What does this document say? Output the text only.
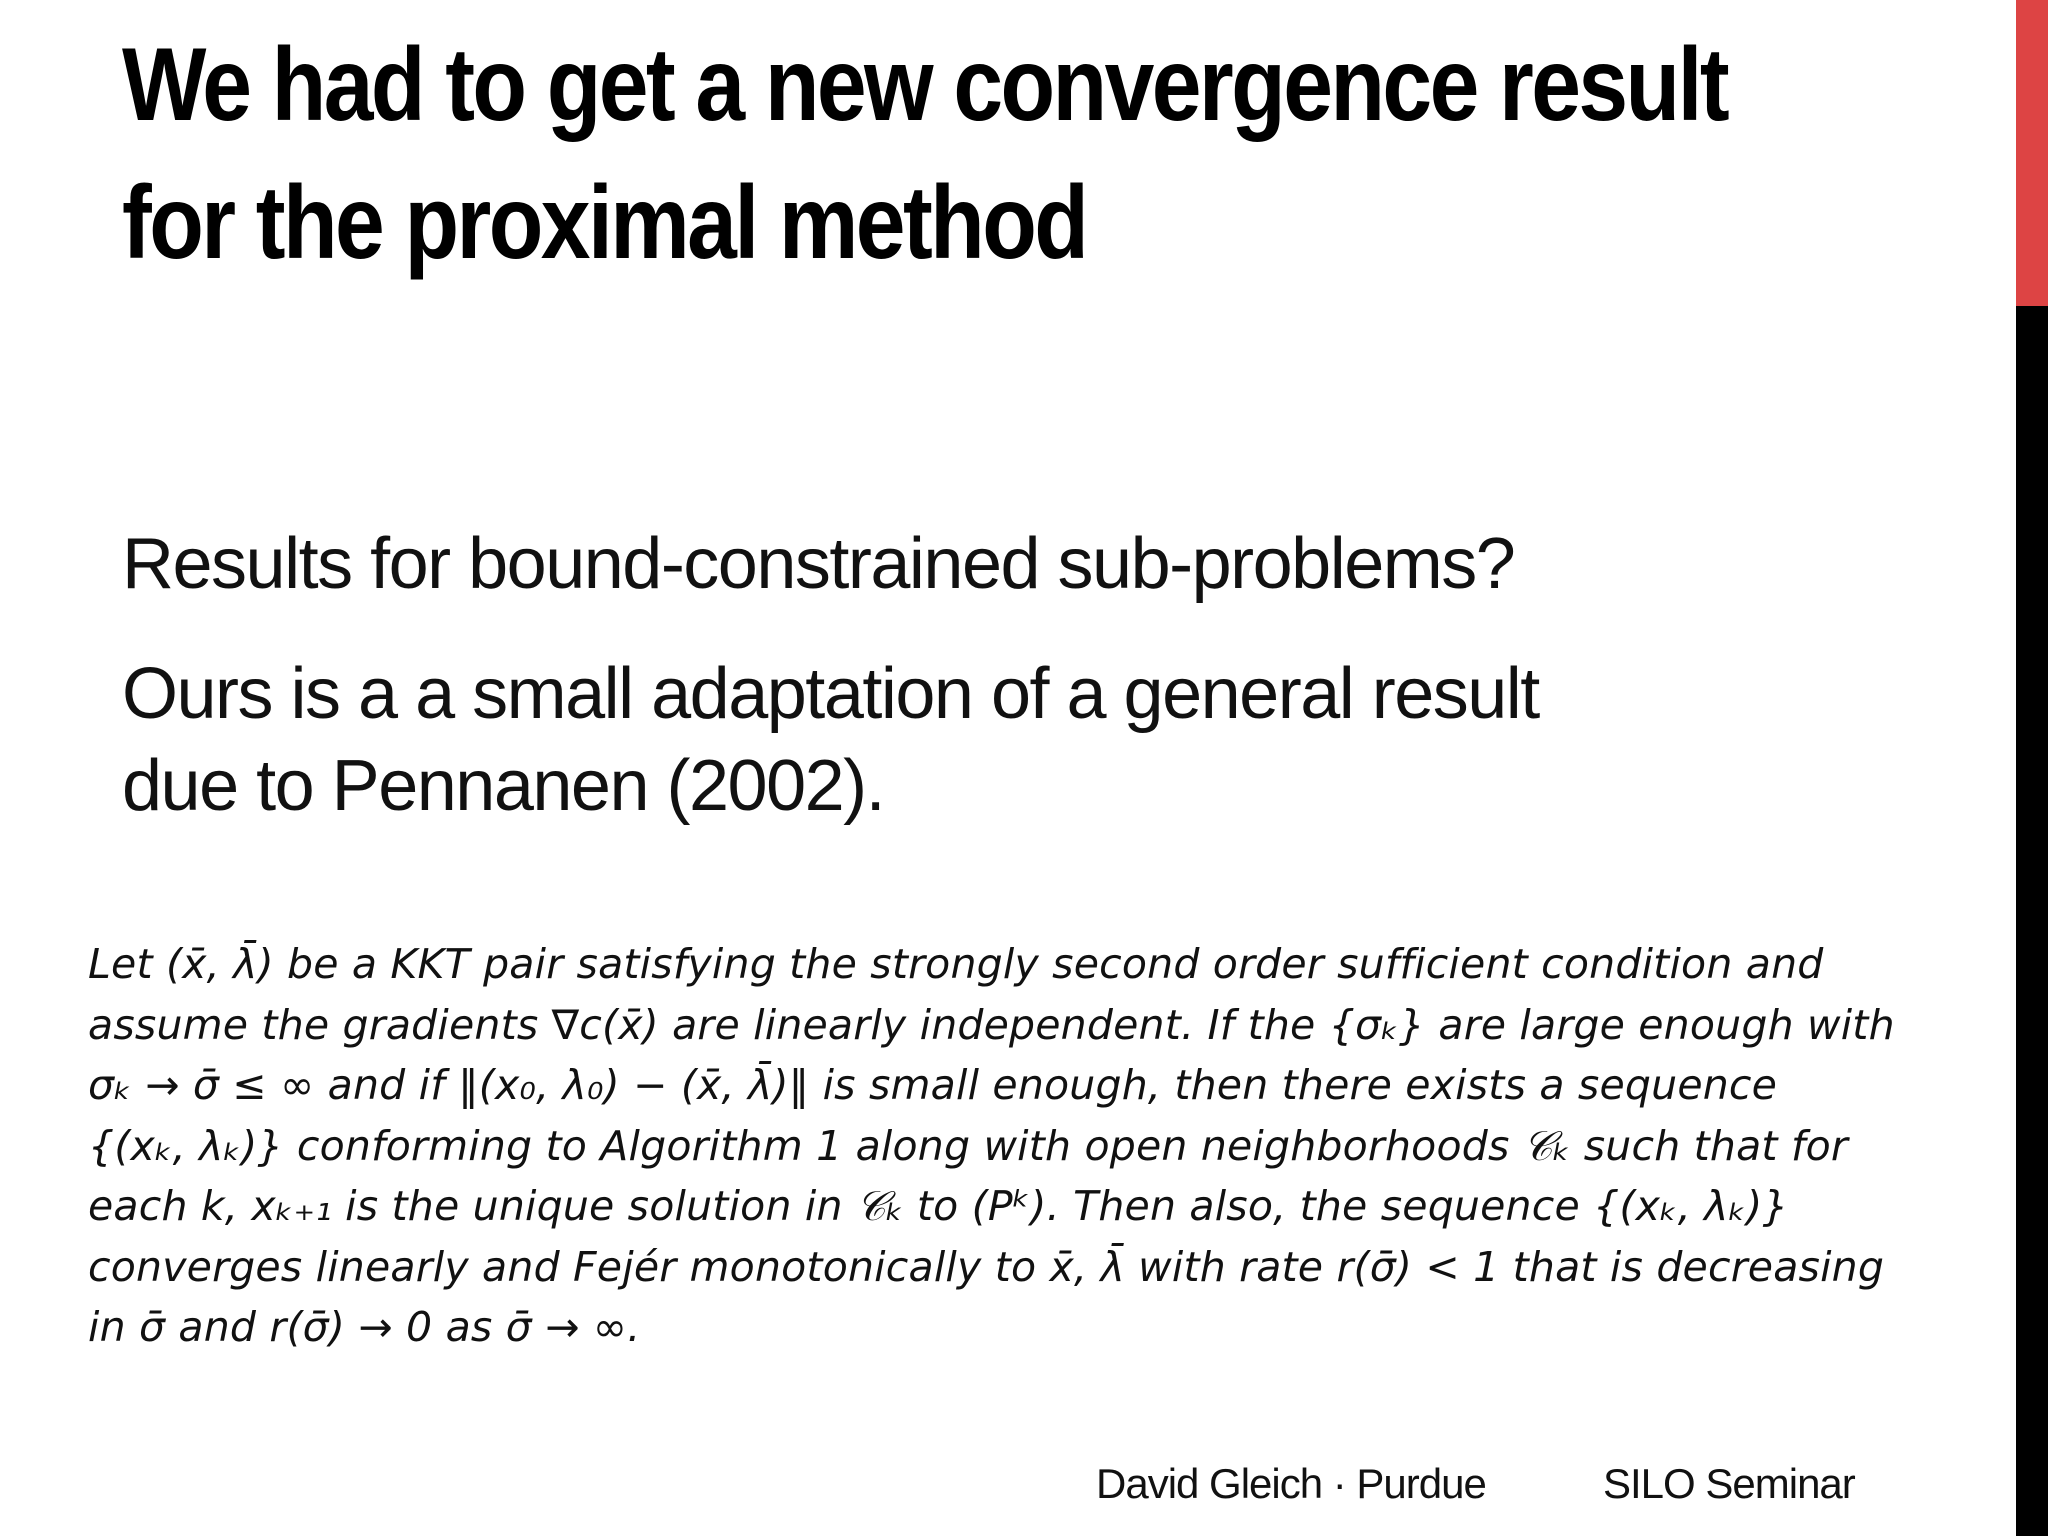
We had to get a new convergence result
for the proximal method

Results for bound-constrained sub-problems?

Ours is a a small adaptation of a general result
due to Pennanen (2002).

Let (x̄, λ̄) be a KKT pair satisfying the strongly second order sufficient condition and
assume the gradients ∇c(x̄) are linearly independent. If the {σₖ} are large enough with
σₖ → σ̄ ≤ ∞ and if ‖(x₀, λ₀) − (x̄, λ̄)‖ is small enough, then there exists a sequence
{(xₖ, λₖ)} conforming to Algorithm 1 along with open neighborhoods 𝒞ₖ such that for
each k, xₖ₊₁ is the unique solution in 𝒞ₖ to (Pᵏ). Then also, the sequence {(xₖ, λₖ)}
converges linearly and Fejér monotonically to x̄, λ̄ with rate r(σ̄) < 1 that is decreasing
in σ̄ and r(σ̄) → 0 as σ̄ → ∞.
David Gleich · Purdue	SILO Seminar
